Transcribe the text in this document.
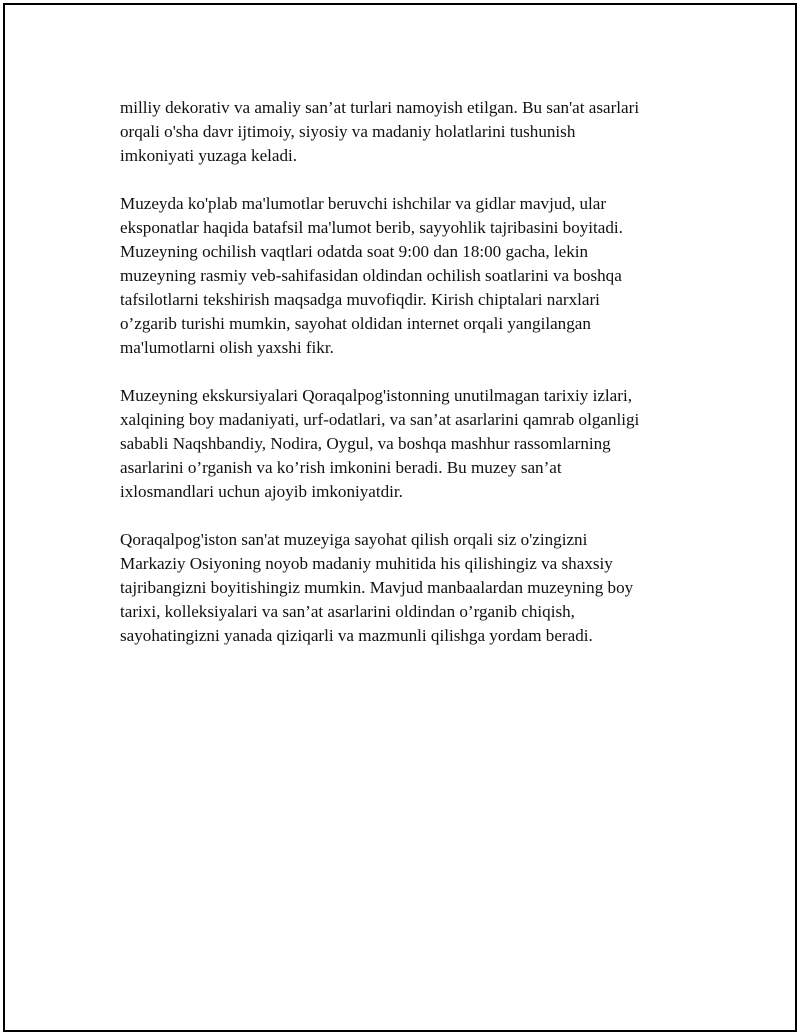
milliy dekorativ va amaliy san’at turlari namoyish etilgan. Bu san'at asarlari
orqali o'sha davr ijtimoiy, siyosiy va madaniy holatlarini tushunish
imkoniyati yuzaga keladi.

Muzeyda ko'plab ma'lumotlar beruvchi ishchilar va gidlar mavjud, ular
eksponatlar haqida batafsil ma'lumot berib, sayyohlik tajribasini boyitadi.
Muzeyning ochilish vaqtlari odatda soat 9:00 dan 18:00 gacha, lekin
muzeyning rasmiy veb-sahifasidan oldindan ochilish soatlarini va boshqa
tafsilotlarni tekshirish maqsadga muvofiqdir. Kirish chiptalari narxlari
o’zgarib turishi mumkin, sayohat oldidan internet orqali yangilangan
ma'lumotlarni olish yaxshi fikr.

Muzeyning ekskursiyalari Qoraqalpog'istonning unutilmagan tarixiy izlari,
xalqining boy madaniyati, urf-odatlari, va san’at asarlarini qamrab olganligi
sababli Naqshbandiy, Nodira, Oygul, va boshqa mashhur rassomlarning
asarlarini o’rganish va ko’rish imkonini beradi. Bu muzey san’at
ixlosmandlari uchun ajoyib imkoniyatdir.

Qoraqalpog'iston san'at muzeyiga sayohat qilish orqali siz o'zingizni
Markaziy Osiyoning noyob madaniy muhitida his qilishingiz va shaxsiy
tajribangizni boyitishingiz mumkin. Mavjud manbaalardan muzeyning boy
tarixi, kolleksiyalari va san’at asarlarini oldindan o’rganib chiqish,
sayohatingizni yanada qiziqarli va mazmunli qilishga yordam beradi.
